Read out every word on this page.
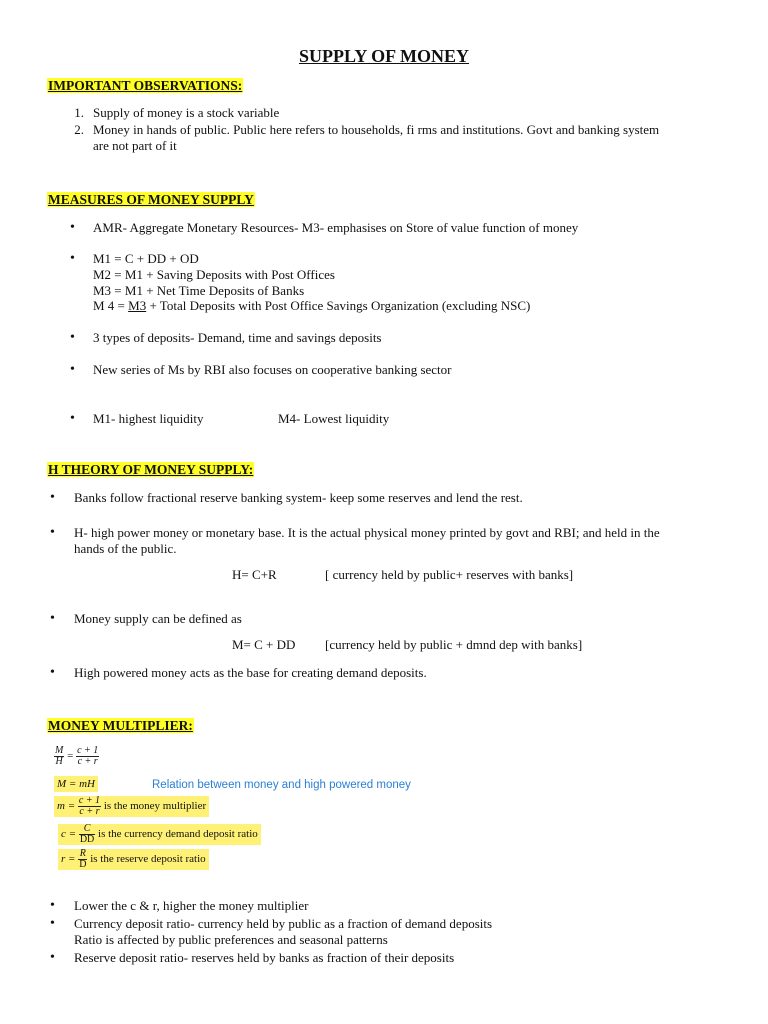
SUPPLY OF MONEY
IMPORTANT OBSERVATIONS:
1. Supply of money is a stock variable
2. Money in hands of public. Public here refers to households, fi rms and institutions. Govt and banking system
are not part of it
MEASURES OF MONEY SUPPLY
• AMR- Aggregate Monetary Resources- M3- emphasises on Store of value function of money
• M1 = C + DD + OD
M2 = M1 + Saving Deposits with Post Offices
M3 = M1 + Net Time Deposits of Banks
M 4 = M3 + Total Deposits with Post Office Savings Organization (excluding NSC)
• 3 types of deposits- Demand, time and savings deposits
• New series of Ms by RBI also focuses on cooperative banking sector
• M1- highest liquidity	M4- Lowest liquidity
H THEORY OF MONEY SUPPLY:
• Banks follow fractional reserve banking system- keep some reserves and lend the rest.
• H- high power money or monetary base. It is the actual physical money printed by govt and RBI; and held in the
hands of the public.
H= C+R	[ currency held by public+ reserves with banks]
• Money supply can be defined as
M= C + DD [currency held by public + dmnd dep with banks]
• High powered money acts as the base for creating demand deposits.
MONEY MULTIPLIER:
$\frac{M}{H} = \frac{c + 1}{c + r}$
M = mH	Relation between money and high powered money
$m = \frac{c + 1}{c + r}$ is the money multiplier
$c = \frac{C}{DD}$ is the currency demand deposit ratio
$r = \frac{R}{D}$ is the reserve deposit ratio
• Lower the c & r, higher the money multiplier
• Currency deposit ratio- currency held by public as a fraction of demand deposits
Ratio is affected by public preferences and seasonal patterns
• Reserve deposit ratio- reserves held by banks as fraction of their deposits
